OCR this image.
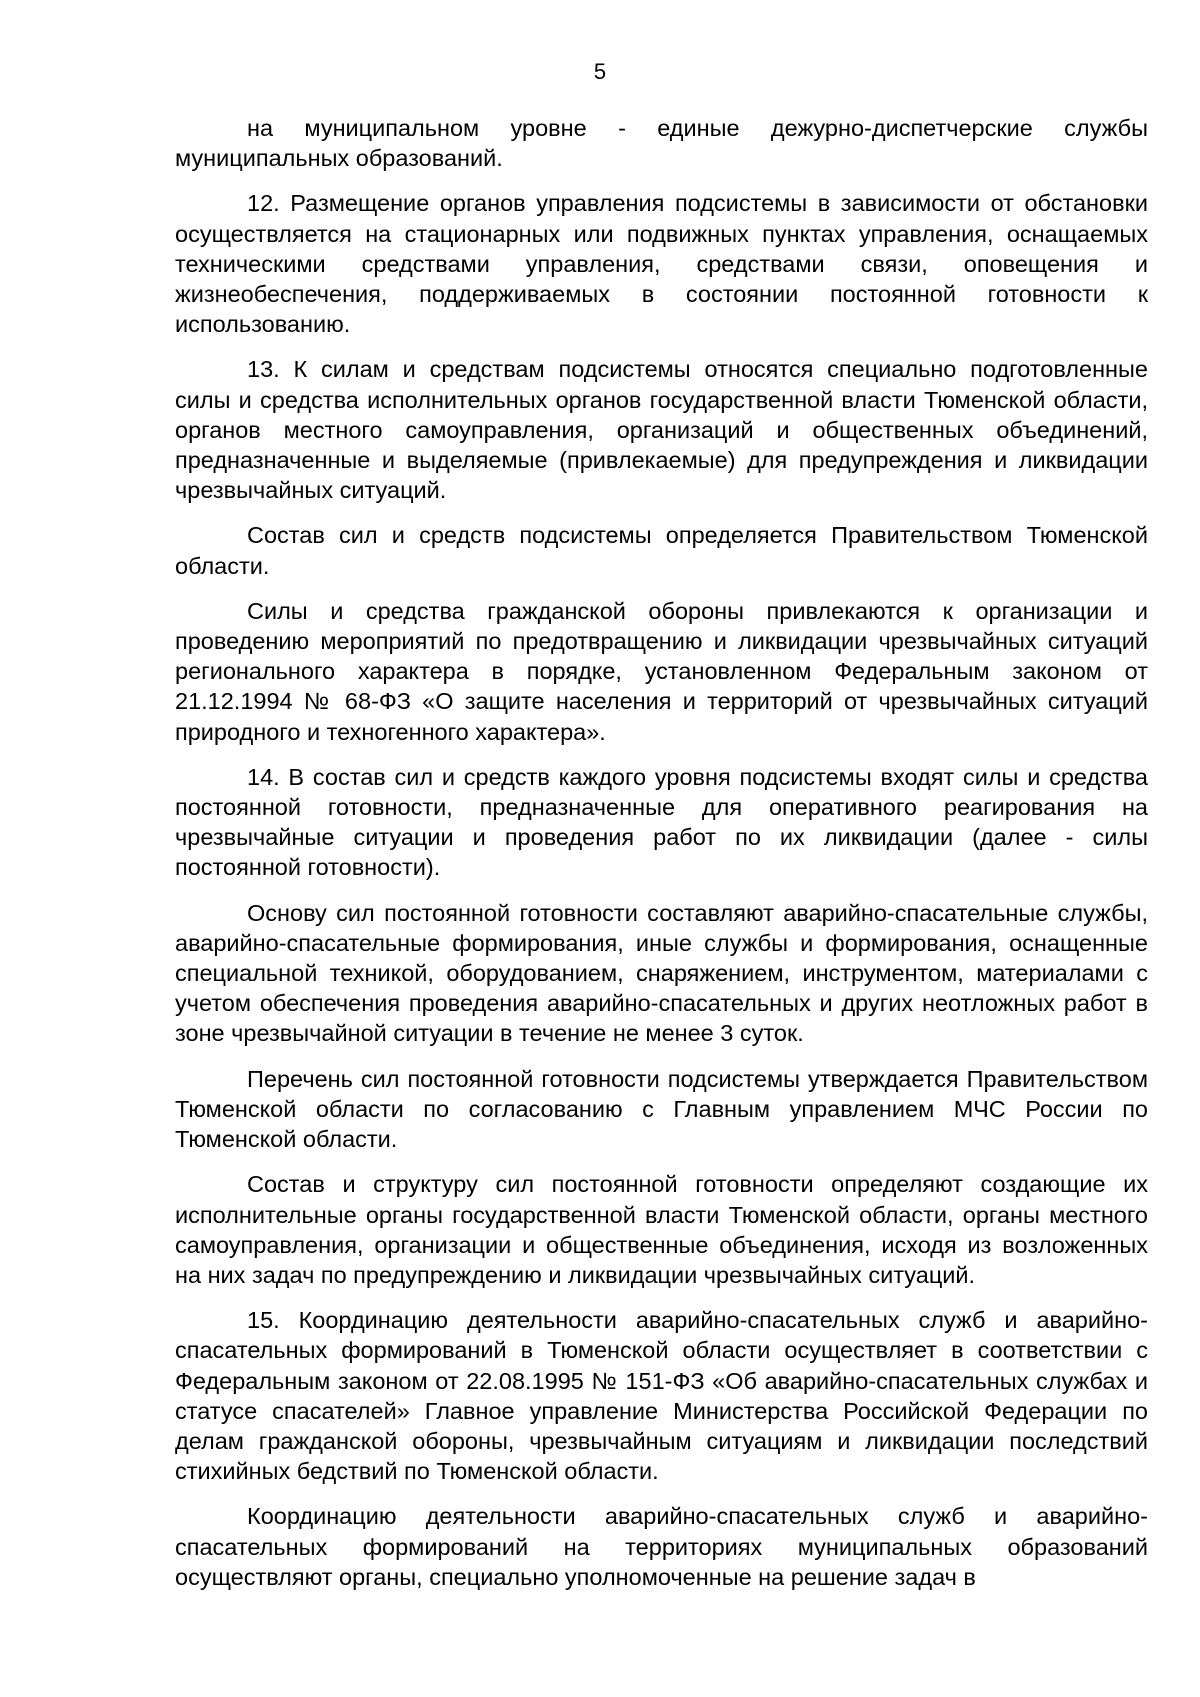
5

на муниципальном уровне - единые дежурно-диспетчерские службы муниципальных образований.

12. Размещение органов управления подсистемы в зависимости от обстановки осуществляется на стационарных или подвижных пунктах управления, оснащаемых техническими средствами управления, средствами связи, оповещения и жизнеобеспечения, поддерживаемых в состоянии постоянной готовности к использованию.

13. К силам и средствам подсистемы относятся специально подготовленные силы и средства исполнительных органов государственной власти Тюменской области, органов местного самоуправления, организаций и общественных объединений, предназначенные и выделяемые (привлекаемые) для предупреждения и ликвидации чрезвычайных ситуаций.

Состав сил и средств подсистемы определяется Правительством Тюменской области.

Силы и средства гражданской обороны привлекаются к организации и проведению мероприятий по предотвращению и ликвидации чрезвычайных ситуаций регионального характера в порядке, установленном Федеральным законом от 21.12.1994 № 68-ФЗ «О защите населения и территорий от чрезвычайных ситуаций природного и техногенного характера».

14. В состав сил и средств каждого уровня подсистемы входят силы и средства постоянной готовности, предназначенные для оперативного реагирования на чрезвычайные ситуации и проведения работ по их ликвидации (далее - силы постоянной готовности).

Основу сил постоянной готовности составляют аварийно-спасательные службы, аварийно-спасательные формирования, иные службы и формирования, оснащенные специальной техникой, оборудованием, снаряжением, инструментом, материалами с учетом обеспечения проведения аварийно-спасательных и других неотложных работ в зоне чрезвычайной ситуации в течение не менее 3 суток.

Перечень сил постоянной готовности подсистемы утверждается Правительством Тюменской области по согласованию с Главным управлением МЧС России по Тюменской области.

Состав и структуру сил постоянной готовности определяют создающие их исполнительные органы государственной власти Тюменской области, органы местного самоуправления, организации и общественные объединения, исходя из возложенных на них задач по предупреждению и ликвидации чрезвычайных ситуаций.

15. Координацию деятельности аварийно-спасательных служб и аварийно-спасательных формирований в Тюменской области осуществляет в соответствии с Федеральным законом от 22.08.1995 № 151-ФЗ «Об аварийно-спасательных службах и статусе спасателей» Главное управление Министерства Российской Федерации по делам гражданской обороны, чрезвычайным ситуациям и ликвидации последствий стихийных бедствий по Тюменской области.

Координацию деятельности аварийно-спасательных служб и аварийно-спасательных формирований на территориях муниципальных образований осуществляют органы, специально уполномоченные на решение задач в
